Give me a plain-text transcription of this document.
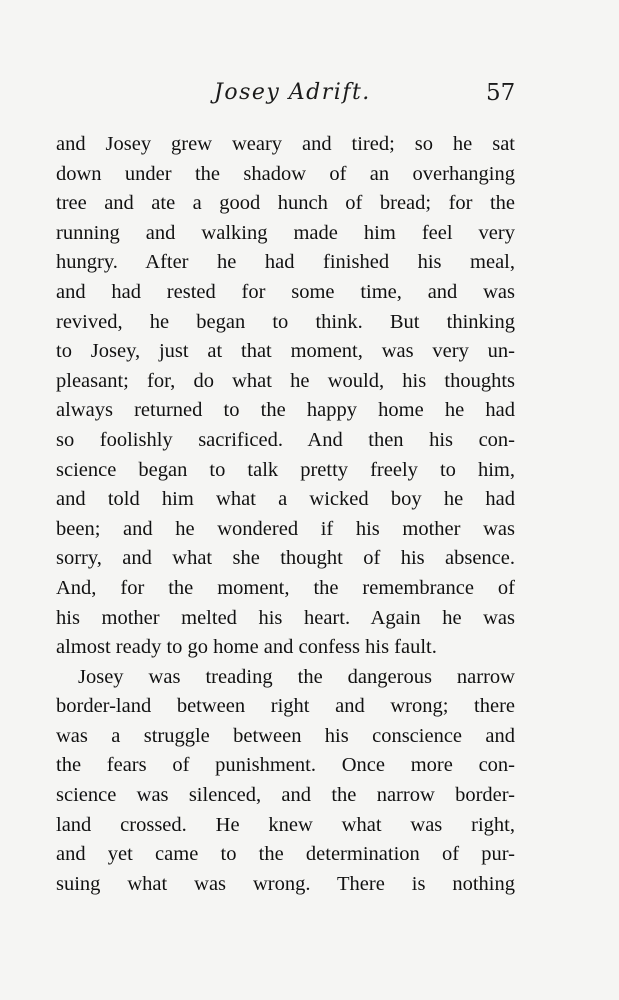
Josey Adrift.	57
and Josey grew weary and tired; so he sat
down under the shadow of an overhanging
tree and ate a good hunch of bread; for the
running and walking made him feel very
hungry. After he had finished his meal,
and had rested for some time, and was
revived, he began to think. But thinking
to Josey, just at that moment, was very un-
pleasant; for, do what he would, his thoughts
always returned to the happy home he had
so foolishly sacrificed. And then his con-
science began to talk pretty freely to him,
and told him what a wicked boy he had
been; and he wondered if his mother was
sorry, and what she thought of his absence.
And, for the moment, the remembrance of
his mother melted his heart. Again he was
almost ready to go home and confess his fault.
Josey was treading the dangerous narrow
border-land between right and wrong; there
was a struggle between his conscience and
the fears of punishment. Once more con-
science was silenced, and the narrow border-
land crossed. He knew what was right,
and yet came to the determination of pur-
suing what was wrong. There is nothing
